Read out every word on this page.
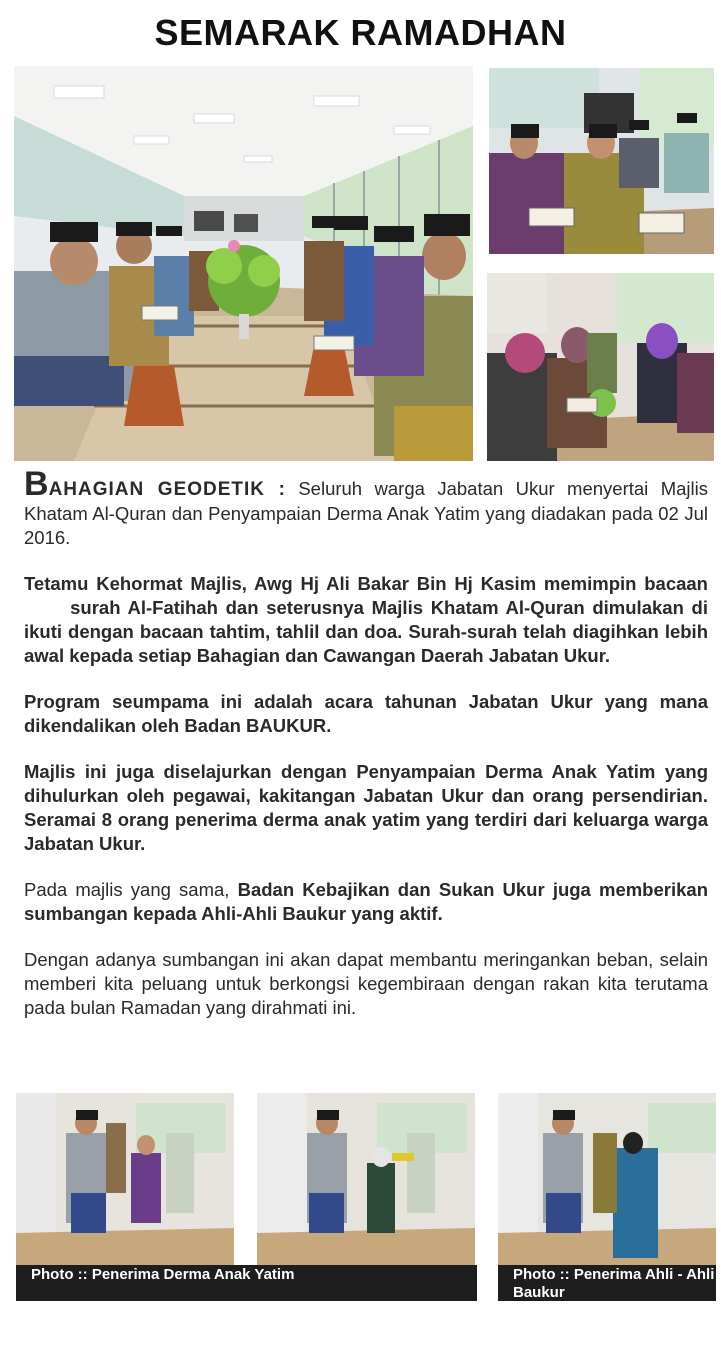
SEMARAK RAMADHAN

BAHAGIAN GEODETIK : Seluruh warga Jabatan Ukur menyertai Majlis Khatam Al-Quran dan Penyampaian Derma Anak Yatim yang diadakan pada 02 Jul 2016.

Tetamu Kehormat Majlis, Awg Hj Ali Bakar Bin Hj Kasim memimpin bacaan       surah Al-Fatihah dan seterusnya Majlis Khatam Al-Quran dimulakan di ikuti dengan bacaan tahtim, tahlil dan doa. Surah-surah telah diagihkan lebih awal kepada setiap Bahagian dan Cawangan Daerah Jabatan Ukur.

Program seumpama ini adalah acara tahunan Jabatan Ukur yang mana dikendalikan oleh Badan BAUKUR.

Majlis ini juga diselajurkan dengan Penyampaian Derma Anak Yatim yang dihulurkan oleh pegawai, kakitangan Jabatan Ukur dan orang persendirian. Seramai 8 orang penerima derma anak yatim yang terdiri dari keluarga warga Jabatan Ukur.

Pada majlis yang sama, Badan Kebajikan dan Sukan Ukur juga memberikan sumbangan kepada Ahli-Ahli Baukur yang aktif.

Dengan adanya sumbangan ini akan dapat membantu meringankan beban, selain memberi kita peluang untuk berkongsi kegembiraan dengan rakan kita terutama pada bulan Ramadan yang dirahmati ini.

Photo :: Penerima Derma Anak Yatim	Photo :: Penerima Ahli - Ahli Baukur
